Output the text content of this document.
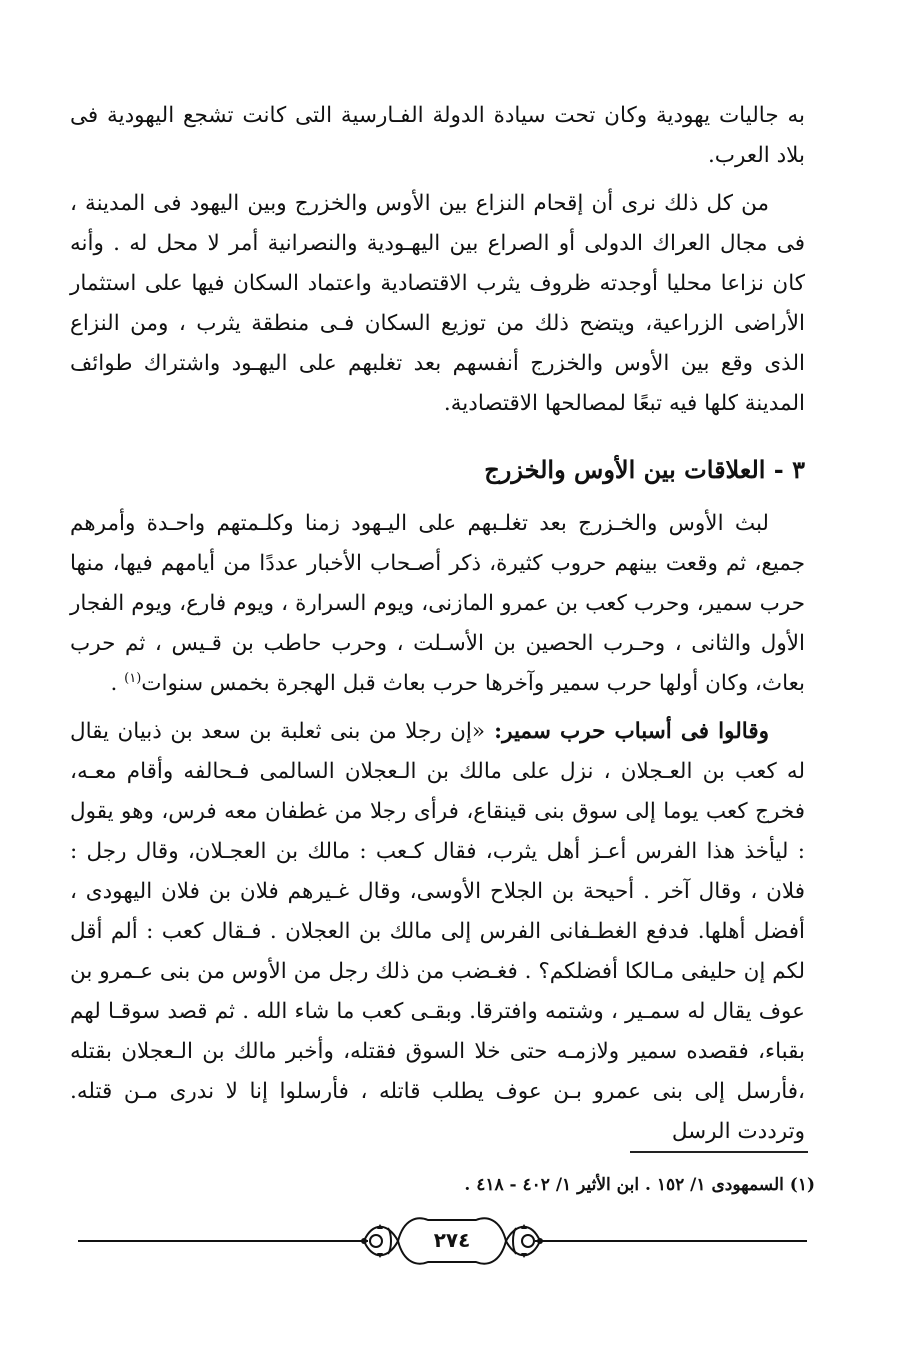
به جاليات يهودية وكان تحت سيادة الدولة الفـارسية التى كانت تشجع اليهودية فى بلاد العرب.

من كل ذلك نرى أن إقحام النزاع بين الأوس والخزرج وبين اليهود فى المدينة ، فى مجال العراك الدولى أو الصراع بين اليهـودية والنصرانية أمر لا محل له . وأنه كان نزاعا محليا أوجدته ظروف يثرب الاقتصادية واعتماد السكان فيها على استثمار الأراضى الزراعية، ويتضح ذلك من توزيع السكان فـى منطقة يثرب ، ومن النزاع الذى وقع بين الأوس والخزرج أنفسهم بعد تغلبهم على اليهـود واشتراك طوائف المدينة كلها فيه تبعًا لمصالحها الاقتصادية.

٣ - العلاقات بين الأوس والخزرج

لبث الأوس والخـزرج بعد تغلـبهم على اليـهود زمنا وكلـمتهم واحـدة وأمرهم جميع، ثم وقعت بينهم حروب كثيرة، ذكر أصـحاب الأخبار عددًا من أيامهم فيها، منها حرب سمير، وحرب كعب بن عمرو المازنى، ويوم السرارة ، ويوم فارع، ويوم الفجار الأول والثانى ، وحـرب الحصين بن الأسـلت ، وحرب حاطب بن قـيس ، ثم حرب بعاث، وكان أولها حرب سمير وآخرها حرب بعاث قبل الهجرة بخمس سنوات$^{(١)}$ .

وقالوا فى أسباب حرب سمير: «إن رجلا من بنى ثعلبة بن سعد بن ذبيان يقال له كعب بن العـجلان ، نزل على مالك بن الـعجلان السالمى فـحالفه وأقام معـه، فخرج كعب يوما إلى سوق بنى قينقاع، فرأى رجلا من غطفان معه فرس، وهو يقول : ليأخذ هذا الفرس أعـز أهل يثرب، فقال كـعب : مالك بن العجـلان، وقال رجل : فلان ، وقال آخر . أحيحة بن الجلاح الأوسى، وقال غـيرهم فلان بن فلان اليهودى ، أفضل أهلها. فدفع الغطـفانى الفرس إلى مالك بن العجلان . فـقال كعب : ألم أقل لكم إن حليفى مـالكا أفضلكم؟ . فغـضب من ذلك رجل من الأوس من بنى عـمرو بن عوف يقال له سمـير ، وشتمه وافترقا. وبقـى كعب ما شاء الله . ثم قصد سوقـا لهم بقباء، فقصده سمير ولازمـه حتى خلا السوق فقتله، وأخبر مالك بن الـعجلان بقتله ،فأرسل إلى بنى عمرو بـن عوف يطلب قاتله ، فأرسلوا إنا لا ندرى مـن قتله. وترددت الرسل

(١) السمهودى ١/ ١٥٢ . ابن الأثير ١/ ٤٠٢ - ٤١٨ .
٢٧٤
